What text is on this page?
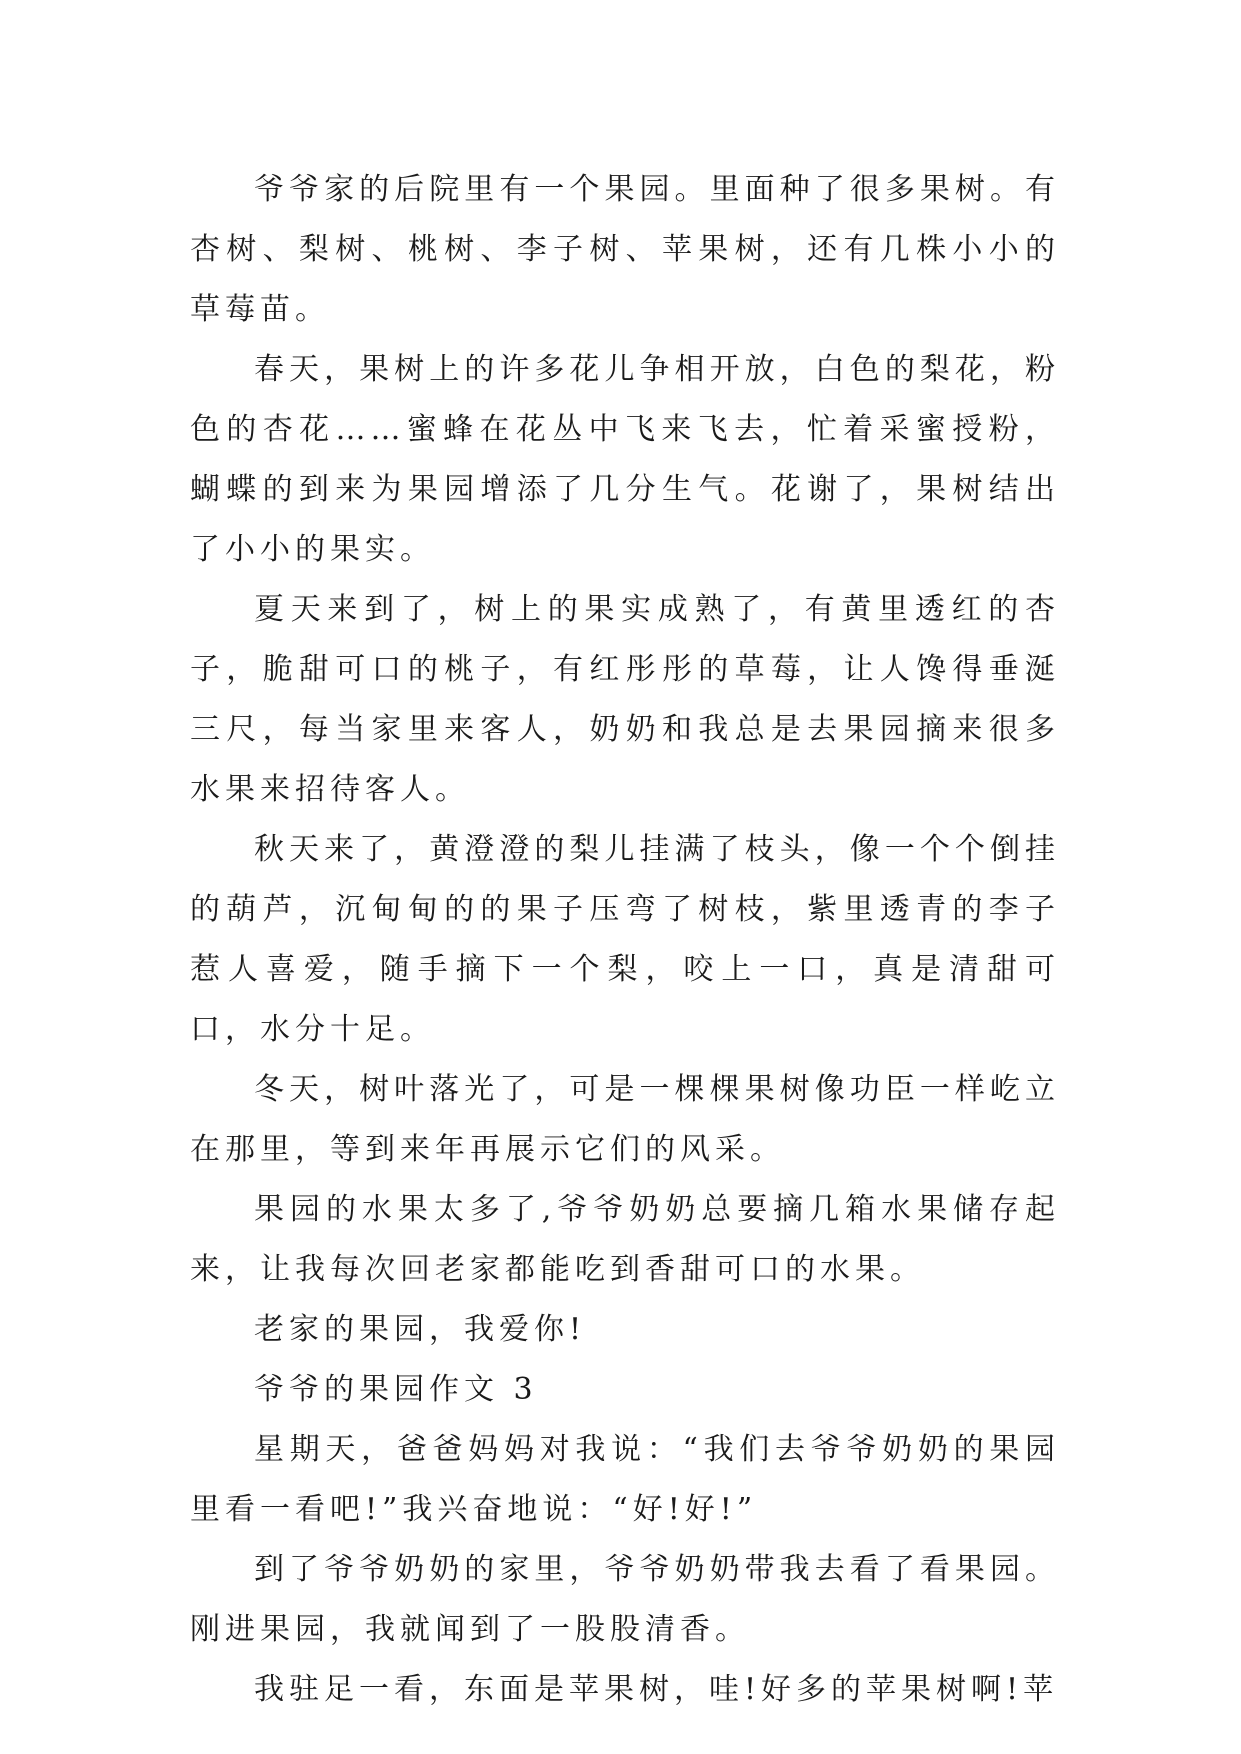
爷爷家的后院里有一个果园。里面种了很多果树。有杏树、梨树、桃树、李子树、苹果树，还有几株小小的草莓苗。

春天，果树上的许多花儿争相开放，白色的梨花，粉色的杏花……蜜蜂在花丛中飞来飞去，忙着采蜜授粉，蝴蝶的到来为果园增添了几分生气。花谢了，果树结出了小小的果实。

夏天来到了，树上的果实成熟了，有黄里透红的杏子，脆甜可口的桃子，有红彤彤的草莓，让人馋得垂涎三尺，每当家里来客人，奶奶和我总是去果园摘来很多水果来招待客人。

秋天来了，黄澄澄的梨儿挂满了枝头，像一个个倒挂的葫芦，沉甸甸的的果子压弯了树枝，紫里透青的李子惹人喜爱，随手摘下一个梨，咬上一口，真是清甜可口，水分十足。

冬天，树叶落光了，可是一棵棵果树像功臣一样屹立在那里，等到来年再展示它们的风采。

果园的水果太多了,爷爷奶奶总要摘几箱水果储存起来，让我每次回老家都能吃到香甜可口的水果。

老家的果园，我爱你!

爷爷的果园作文 3

星期天，爸爸妈妈对我说：“我们去爷爷奶奶的果园里看一看吧!”我兴奋地说：“好!好!”

到了爷爷奶奶的家里，爷爷奶奶带我去看了看果园。刚进果园，我就闻到了一股股清香。

我驻足一看，东面是苹果树，哇!好多的苹果树啊!苹
